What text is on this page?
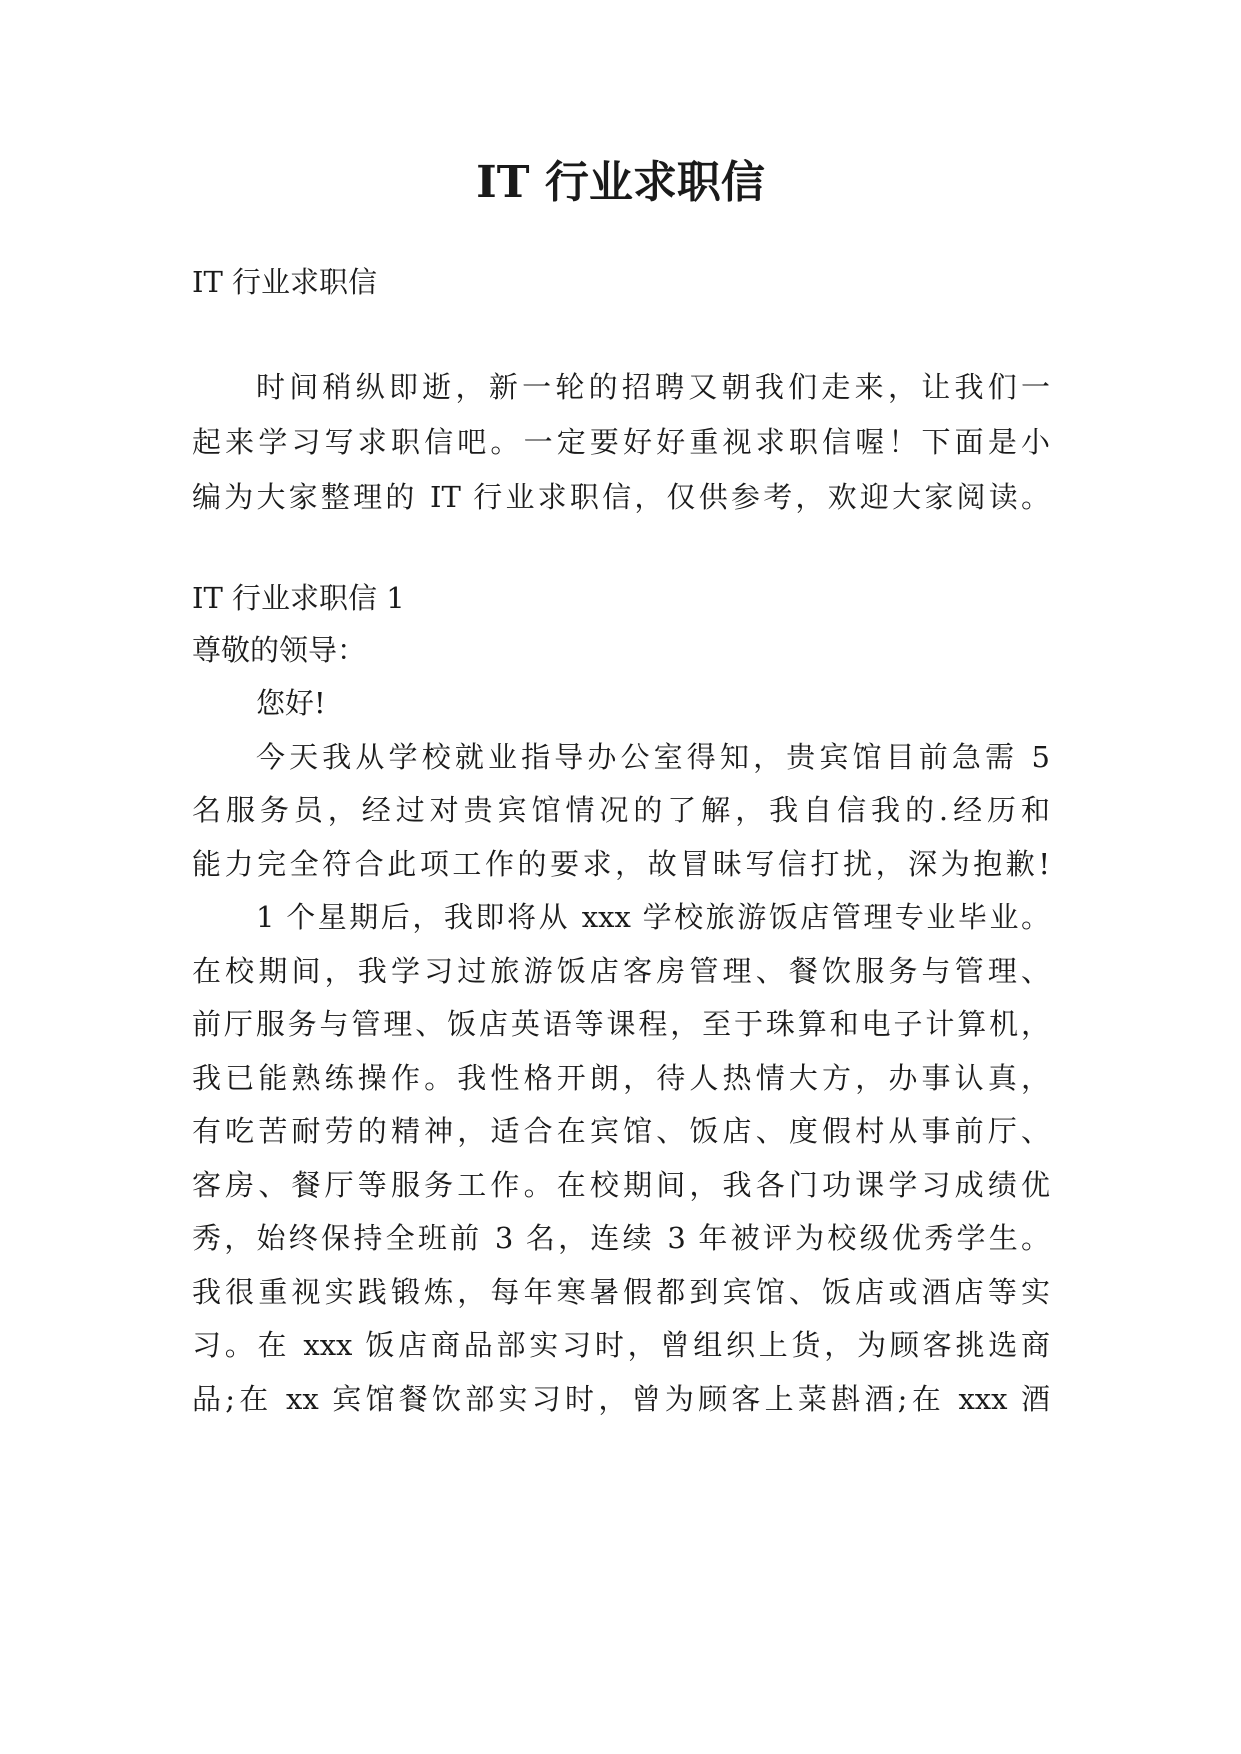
IT 行业求职信

IT 行业求职信

时间稍纵即逝，新一轮的招聘又朝我们走来，让我们一

起来学习写求职信吧。一定要好好重视求职信喔！下面是小

编为大家整理的 IT 行业求职信，仅供参考，欢迎大家阅读。

IT 行业求职信 1

尊敬的领导：

您好!

今天我从学校就业指导办公室得知，贵宾馆目前急需 5

名服务员，经过对贵宾馆情况的了解，我自信我的.经历和

能力完全符合此项工作的要求，故冒昧写信打扰，深为抱歉!

1 个星期后，我即将从 xxx 学校旅游饭店管理专业毕业。

在校期间，我学习过旅游饭店客房管理、餐饮服务与管理、

前厅服务与管理、饭店英语等课程，至于珠算和电子计算机，

我已能熟练操作。我性格开朗，待人热情大方，办事认真，

有吃苦耐劳的精神，适合在宾馆、饭店、度假村从事前厅、

客房、餐厅等服务工作。在校期间，我各门功课学习成绩优

秀，始终保持全班前 3 名，连续 3 年被评为校级优秀学生。

我很重视实践锻炼，每年寒暑假都到宾馆、饭店或酒店等实

习。在 xxx 饭店商品部实习时，曾组织上货，为顾客挑选商

品;在 xx 宾馆餐饮部实习时，曾为顾客上菜斟酒;在 xxx 酒
